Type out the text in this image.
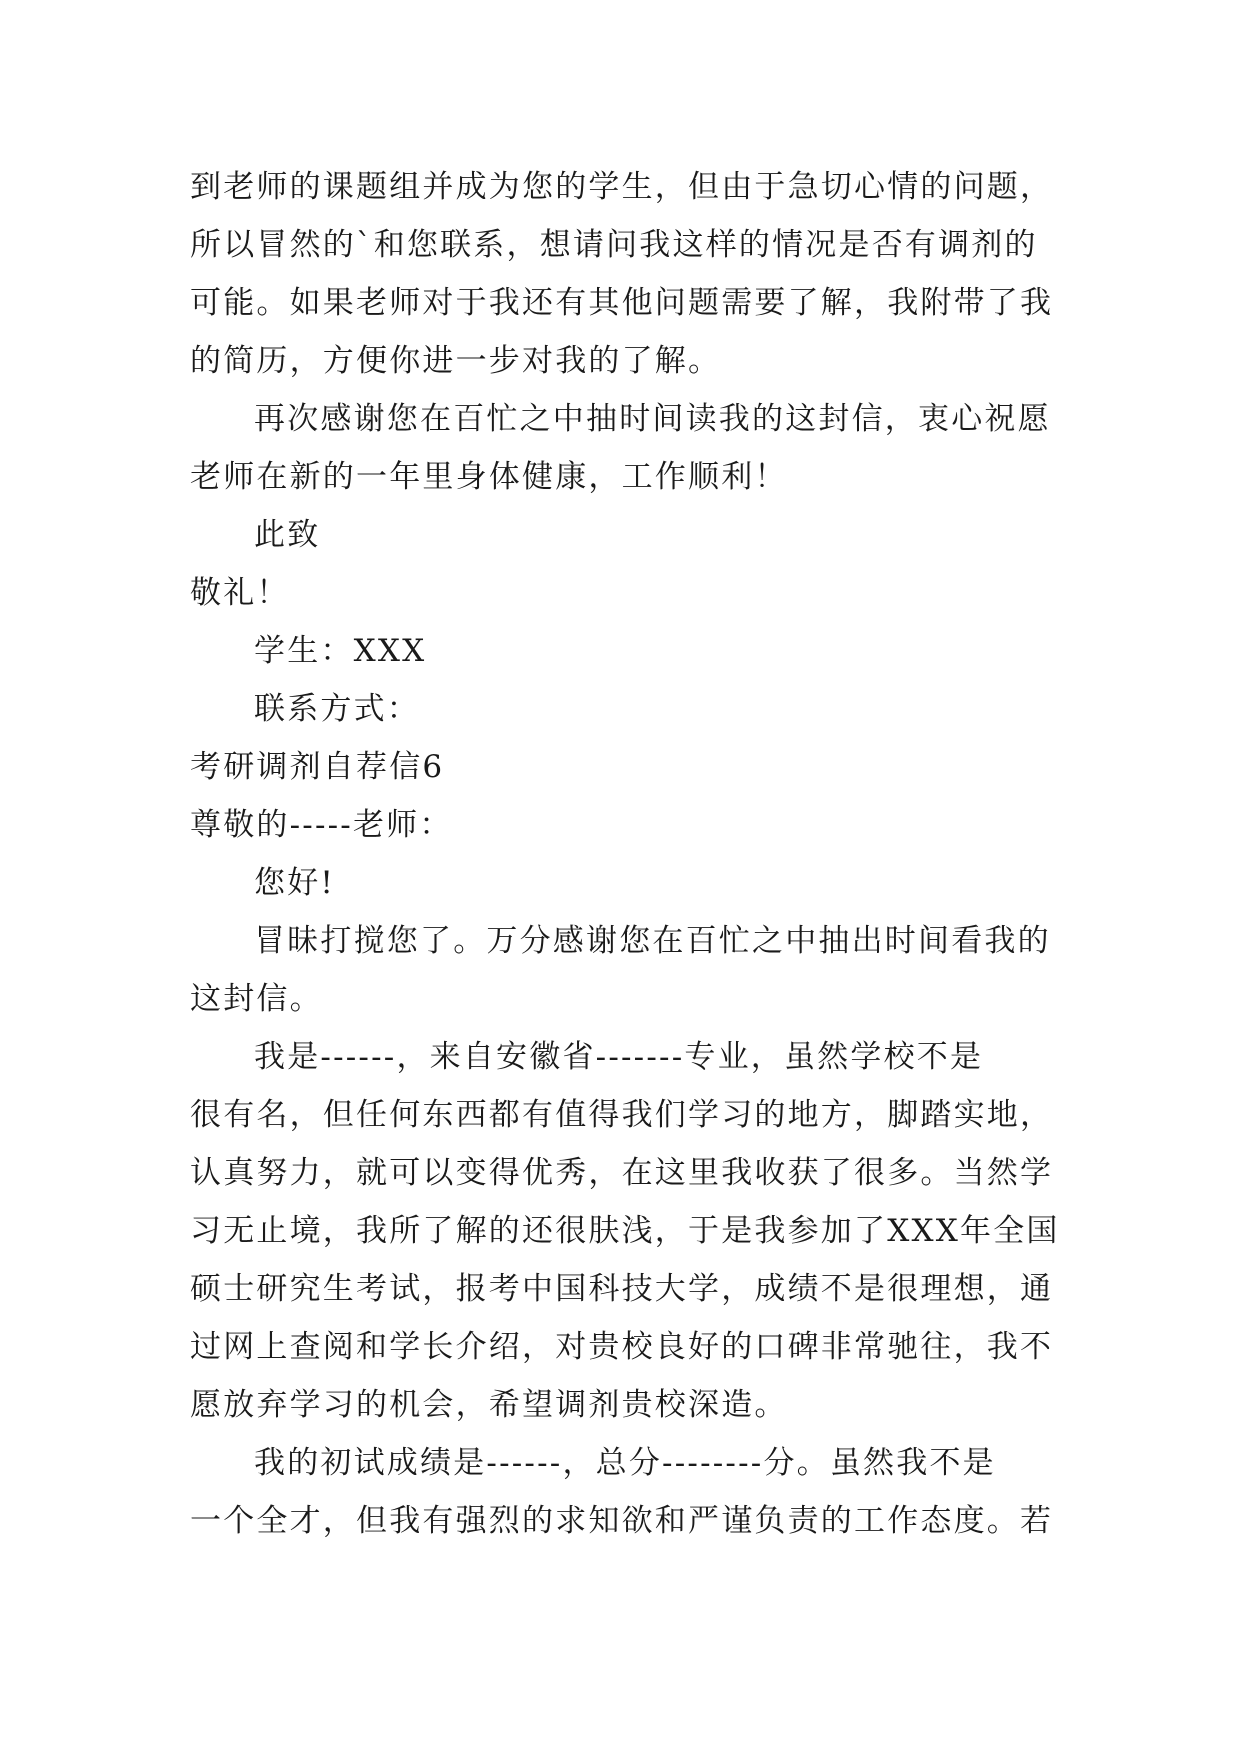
到老师的课题组并成为您的学生，但由于急切心情的问题，
所以冒然的`和您联系，想请问我这样的情况是否有调剂的
可能。如果老师对于我还有其他问题需要了解，我附带了我
的简历，方便你进一步对我的了解。
再次感谢您在百忙之中抽时间读我的这封信，衷心祝愿
老师在新的一年里身体健康，工作顺利！
此致
敬礼！
学生：XXX
联系方式：
考研调剂自荐信6
尊敬的-----老师：
您好!
冒昧打搅您了。万分感谢您在百忙之中抽出时间看我的
这封信。
我是------，来自安徽省-------专业，虽然学校不是
很有名，但任何东西都有值得我们学习的地方，脚踏实地，
认真努力，就可以变得优秀，在这里我收获了很多。当然学
习无止境，我所了解的还很肤浅，于是我参加了XXX年全国
硕士研究生考试，报考中国科技大学，成绩不是很理想，通
过网上查阅和学长介绍，对贵校良好的口碑非常驰往，我不
愿放弃学习的机会，希望调剂贵校深造。
我的初试成绩是------，总分--------分。虽然我不是
一个全才，但我有强烈的求知欲和严谨负责的工作态度。若
